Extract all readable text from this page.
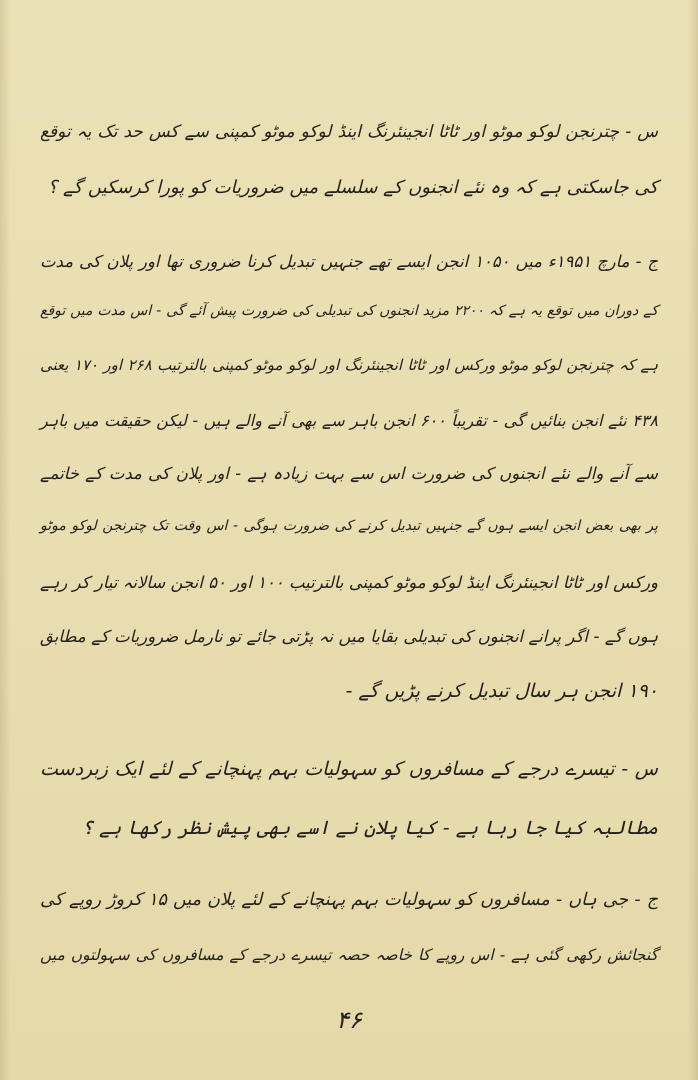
س - چترنجن لوکو موٹو اور ٹاٹا انجینئرنگ اینڈ لوکو موٹو کمپنی سے کس حد تک یہ توقع
کی جاسکتی ہے کہ وہ نئے انجنوں کے سلسلے میں ضروریات کو پورا کرسکیں گے ؟
ج - مارچ ۱۹۵۱ء میں ۱۰۵۰ انجن ایسے تھے جنہیں تبدیل کرنا ضروری تھا اور پلان کی مدت
کے دوران میں توقع یہ ہے کہ ۲۲۰۰ مزید انجنوں کی تبدیلی کی ضرورت پیش آئے گی - اس مدت میں توقع
ہے کہ چترنجن لوکو موٹو ورکس اور ٹاٹا انجینئرنگ اور لوکو موٹو کمپنی بالترتیب ۲۶۸ اور ۱۷۰ یعنی
۴۳۸ نئے انجن بنائیں گی - تقریباً ۶۰۰ انجن باہر سے بھی آنے والے ہیں - لیکن حقیقت میں باہر
سے آنے والے نئے انجنوں کی ضرورت اس سے بہت زیادہ ہے - اور پلان کی مدت کے خاتمے
پر بھی بعض انجن ایسے ہوں گے جنہیں تبدیل کرنے کی ضرورت ہوگی - اس وقت تک چترنجن لوکو موٹو
ورکس اور ٹاٹا انجینئرنگ اینڈ لوکو موٹو کمپنی بالترتیب ۱۰۰ اور ۵۰ انجن سالانہ تیار کر رہے
ہوں گے - اگر پرانے انجنوں کی تبدیلی بقایا میں نہ پڑتی جائے تو نارمل ضروریات کے مطابق
۱۹۰ انجن ہر سال تبدیل کرنے پڑیں گے -
س - تیسرے درجے کے مسافروں کو سہولیات بہم پہنچانے کے لئے ایک زبردست
مطالبہ کیا جا رہا ہے - کیا پلان نے اسے بھی پیش نظر رکھا ہے ؟
ج - جی ہاں - مسافروں کو سہولیات بہم پہنچانے کے لئے پلان میں ۱۵ کروڑ روپے کی
گنجائش رکھی گئی ہے - اس روپے کا خاصہ حصہ تیسرے درجے کے مسافروں کی سہولتوں میں
۴۶
